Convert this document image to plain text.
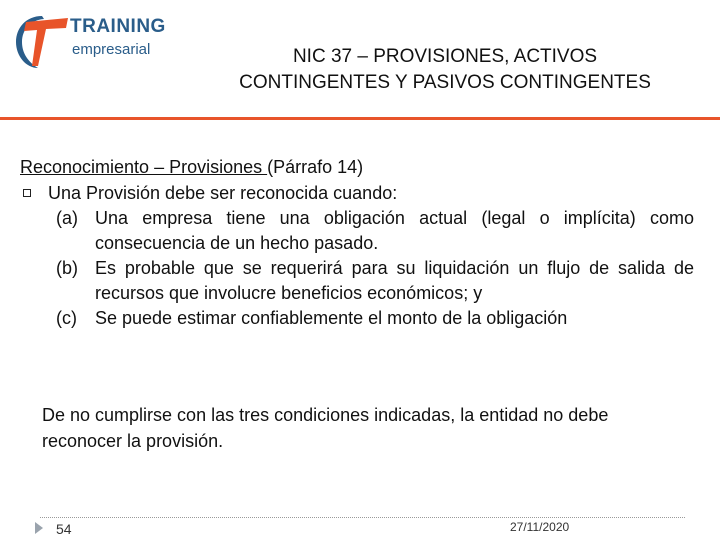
TRAINING
empresarial	NIC 37 – PROVISIONES, ACTIVOS
CONTINGENTES Y PASIVOS CONTINGENTES
Reconocimiento – Provisiones (Párrafo 14)
Una Provisión debe ser reconocida cuando:
(a) Una empresa tiene una obligación actual (legal o implícita) como consecuencia de un hecho pasado.
(b) Es probable que se requerirá para su liquidación un flujo de salida de recursos que involucre beneficios económicos; y
(c) Se puede estimar confiablemente el monto de la obligación
De no cumplirse con las tres condiciones indicadas, la entidad no debe reconocer la provisión.
54	27/11/2020
